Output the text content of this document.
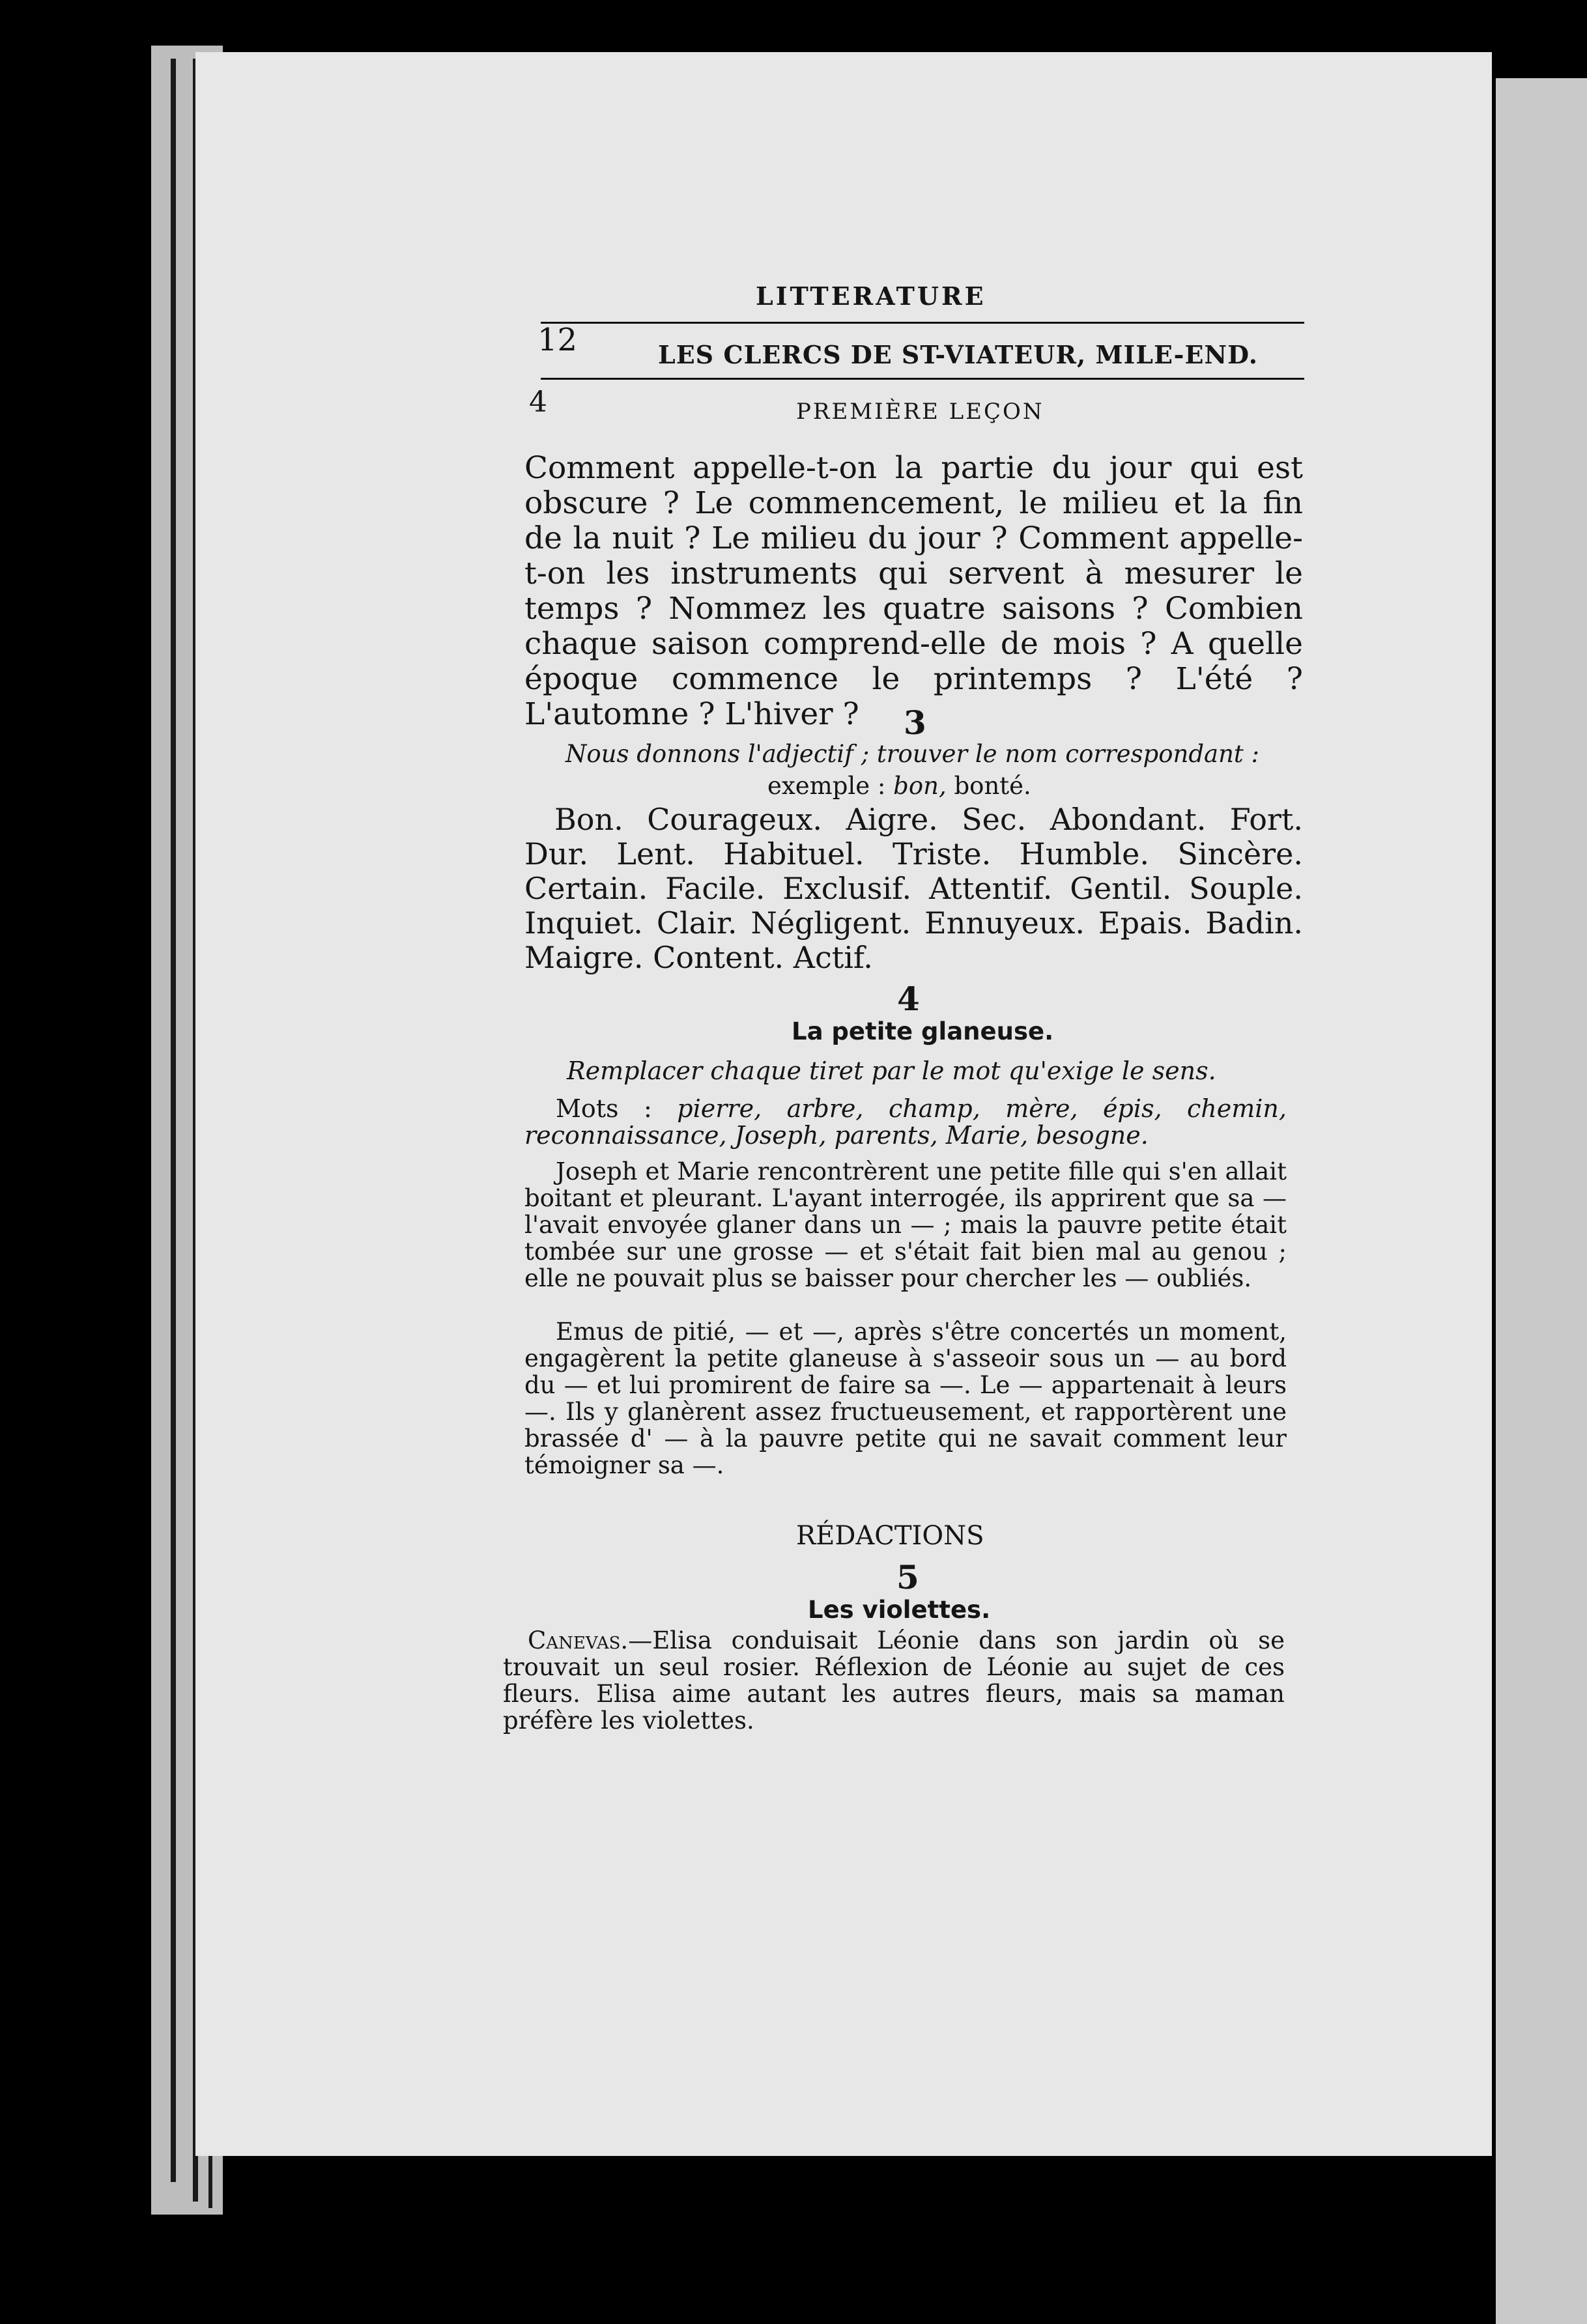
LITTERATURE
12	LES CLERCS DE ST-VIATEUR, MILE-END.
4	PREMIÈRE LEÇON

Comment appelle-t-on la partie du jour qui est obscure ? Le commencement, le milieu et la fin de la nuit ? Le milieu du jour ? Comment appelle-t-on les instruments qui servent à mesurer le temps ? Nommez les quatre saisons ? Combien chaque saison comprend-elle de mois ? A quelle époque commence le printemps ? L'été ? L'automne ? L'hiver ?	3
Nous donnons l'adjectif ; trouver le nom correspondant :
exemple : bon, bonté.

Bon. Courageux. Aigre. Sec. Abondant. Fort. Dur. Lent. Habituel. Triste. Humble. Sincère. Certain. Facile. Exclusif. Attentif. Gentil. Souple. Inquiet. Clair. Négligent. Ennuyeux. Epais. Badin. Maigre. Content. Actif.

4
La petite glaneuse.
Remplacer chaque tiret par le mot qu'exige le sens.
Mots : pierre, arbre, champ, mère, épis, chemin, reconnaissance, Joseph, parents, Marie, besogne.

Joseph et Marie rencontrèrent une petite fille qui s'en allait boitant et pleurant. L'ayant interrogée, ils apprirent que sa — l'avait envoyée glaner dans un — ; mais la pauvre petite était tombée sur une grosse — et s'était fait bien mal au genou ; elle ne pouvait plus se baisser pour chercher les — oubliés.

Emus de pitié, — et —, après s'être concertés un moment, engagèrent la petite glaneuse à s'asseoir sous un — au bord du — et lui promirent de faire sa —. Le — appartenait à leurs —. Ils y glanèrent assez fructueusement, et rapportèrent une brassée d' — à la pauvre petite qui ne savait comment leur témoigner sa —.

RÉDACTIONS
5
Les violettes.
Canevas.—Elisa conduisait Léonie dans son jardin où se trouvait un seul rosier. Réflexion de Léonie au sujet de ces fleurs. Elisa aime autant les autres fleurs, mais sa maman préfère les violettes.
